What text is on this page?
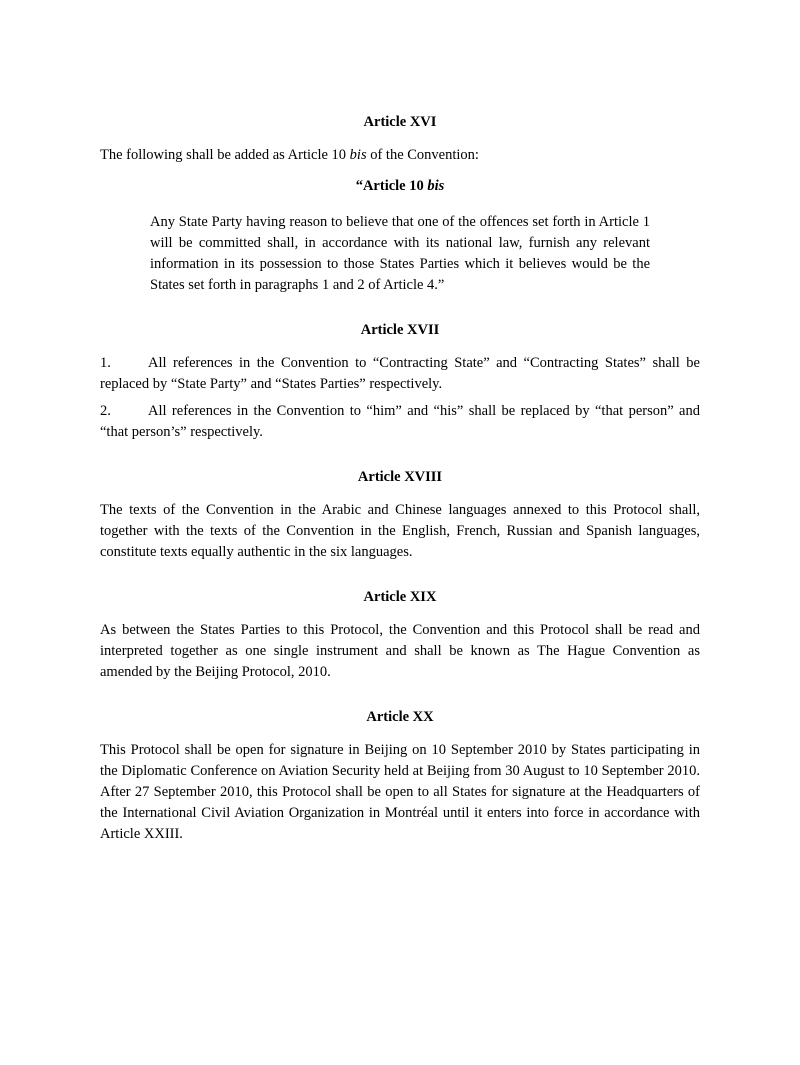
Article XVI

The following shall be added as Article 10 bis of the Convention:

“Article 10 bis

Any State Party having reason to believe that one of the offences set forth in Article 1 will be committed shall, in accordance with its national law, furnish any relevant information in its possession to those States Parties which it believes would be the States set forth in paragraphs 1 and 2 of Article 4.”

Article XVII

1.	All references in the Convention to “Contracting State” and “Contracting States” shall be replaced by “State Party” and “States Parties” respectively.

2.	All references in the Convention to “him” and “his” shall be replaced by “that person” and “that person’s” respectively.

Article XVIII

The texts of the Convention in the Arabic and Chinese languages annexed to this Protocol shall, together with the texts of the Convention in the English, French, Russian and Spanish languages, constitute texts equally authentic in the six languages.

Article XIX

As between the States Parties to this Protocol, the Convention and this Protocol shall be read and interpreted together as one single instrument and shall be known as The Hague Convention as amended by the Beijing Protocol, 2010.

Article XX

This Protocol shall be open for signature in Beijing on 10 September 2010 by States participating in the Diplomatic Conference on Aviation Security held at Beijing from 30 August to 10 September 2010. After 27 September 2010, this Protocol shall be open to all States for signature at the Headquarters of the International Civil Aviation Organization in Montréal until it enters into force in accordance with Article XXIII.
